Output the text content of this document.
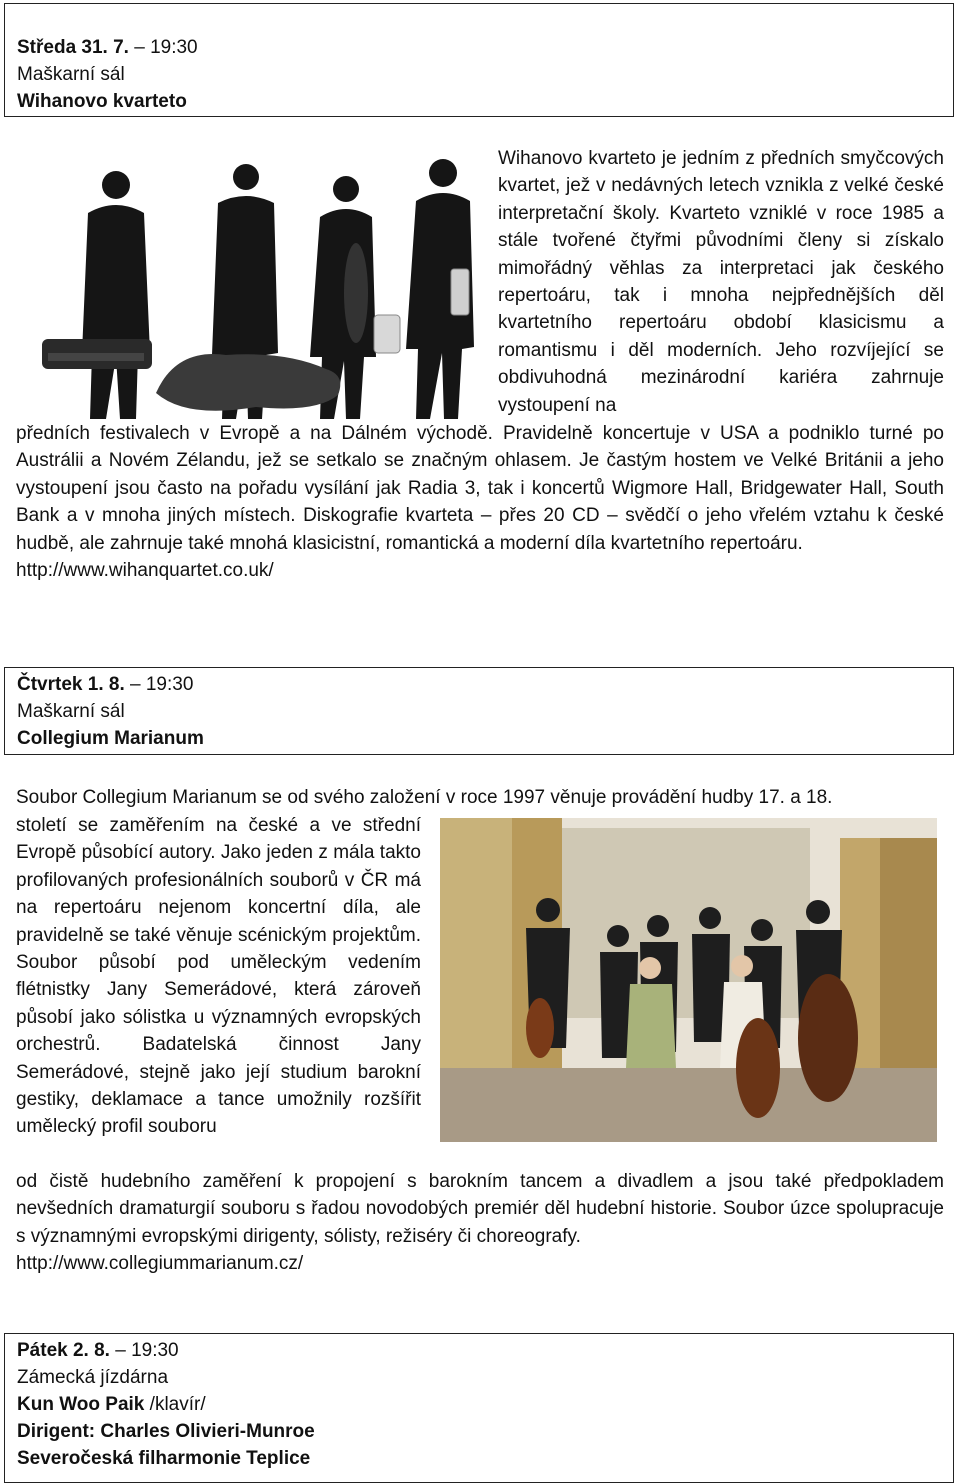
Středa 31. 7. – 19:30
Maškarní sál
Wihanovo kvarteto
Wihanovo kvarteto je jedním z předních smyčcových kvartet, jež v nedávných letech vznikla z velké české interpretační školy. Kvarteto vzniklé v roce 1985 a stále tvořené čtyřmi původními členy si získalo mimořádný věhlas za interpretaci jak českého repertoáru, tak i mnoha nejpřednějších děl kvartetního repertoáru období klasicismu a romantismu i děl moderních. Jeho rozvíjející se obdivuhodná mezinárodní kariéra zahrnuje vystoupení na
předních festivalech v Evropě a na Dálném východě. Pravidelně koncertuje v USA a podniklo turné po Austrálii a Novém Zélandu, jež se setkalo se značným ohlasem. Je častým hostem ve Velké Británii a jeho vystoupení jsou často na pořadu vysílání jak Radia 3, tak i koncertů Wigmore Hall, Bridgewater Hall, South Bank a v mnoha jiných místech. Diskografie kvarteta – přes 20 CD – svědčí o jeho vřelém vztahu k české hudbě, ale zahrnuje také mnohá klasicistní, romantická a moderní díla kvartetního repertoáru.
http://www.wihanquartet.co.uk/
Čtvrtek 1. 8. – 19:30
Maškarní sál
Collegium Marianum
Soubor Collegium Marianum se od svého založení v roce 1997 věnuje provádění hudby 17. a 18.
století se zaměřením na české a ve střední Evropě působící autory. Jako jeden z mála takto profilovaných profesionálních souborů v ČR má na repertoáru nejenom koncertní díla, ale pravidelně se také věnuje scénickým projektům. Soubor působí pod uměleckým vedením flétnistky Jany Semerádové, která zároveň působí jako sólistka u významných evropských orchestrů. Badatelská činnost Jany Semerádové, stejně jako její studium barokní gestiky, deklamace a tance umožnily rozšířit umělecký profil souboru
od čistě hudebního zaměření k propojení s barokním tancem a divadlem a jsou také předpokladem nevšedních dramaturgií souboru s řadou novodobých premiér děl hudební historie. Soubor úzce spolupracuje s významnými evropskými dirigenty, sólisty, režiséry či choreografy.
http://www.collegiummarianum.cz/
Pátek 2. 8. – 19:30
Zámecká jízdárna
Kun Woo Paik /klavír/
Dirigent: Charles Olivieri-Munroe
Severočeská filharmonie Teplice
